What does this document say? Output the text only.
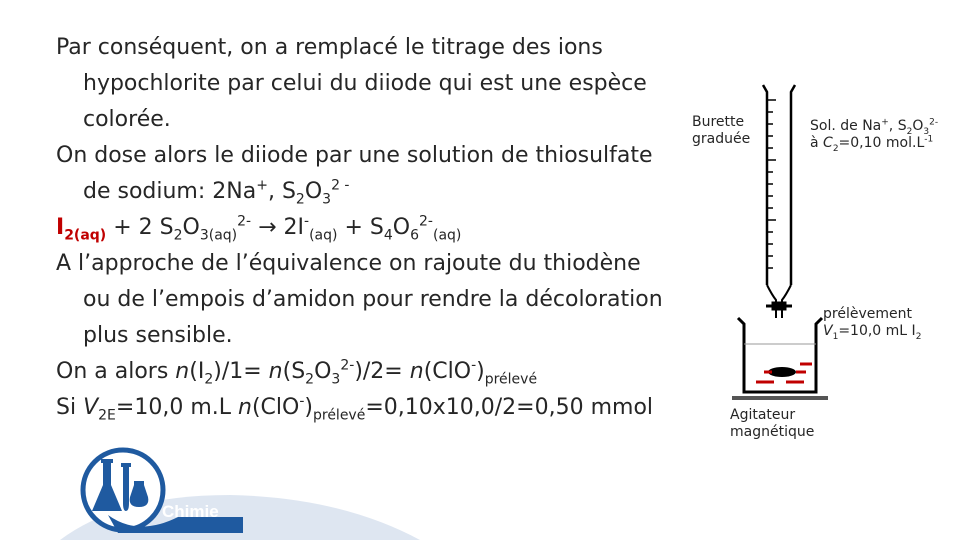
Par conséquent, on a remplacé le titrage des ions
hypochlorite par celui du diiode qui est une espèce
colorée.
On dose alors le diiode par une solution de thiosulfate
de sodium: 2Na+, $S_2O_3^{2 -}$
$I_{2(aq)} + 2$ $S_2O_{3(aq)}^{2-} \to 2I^-_{(aq)} + S_4O_6^{2-}_{(aq)}$
A l’approche de l’équivalence on rajoute du thiodène
ou de l’empois d’amidon pour rendre la décoloration
plus sensible.
On a alors $n(I_2)/1= n(S_2O_3^{2-})/2= n(ClO^-)_{prélevé}$
Si $V_{2E}=10,0$ m.L $n(ClO^-)_{prélevé}=0,10x10,0/2=0,50$ mmol
Burette
graduée
Sol. de Na+, $S_2O_3^{2-}$
à $C_2=0,10$ $mol.L^{-1}$
prélèvement
$V_1=10,0$ mL $I_2$
Agitateur
magnétique
Chimie
